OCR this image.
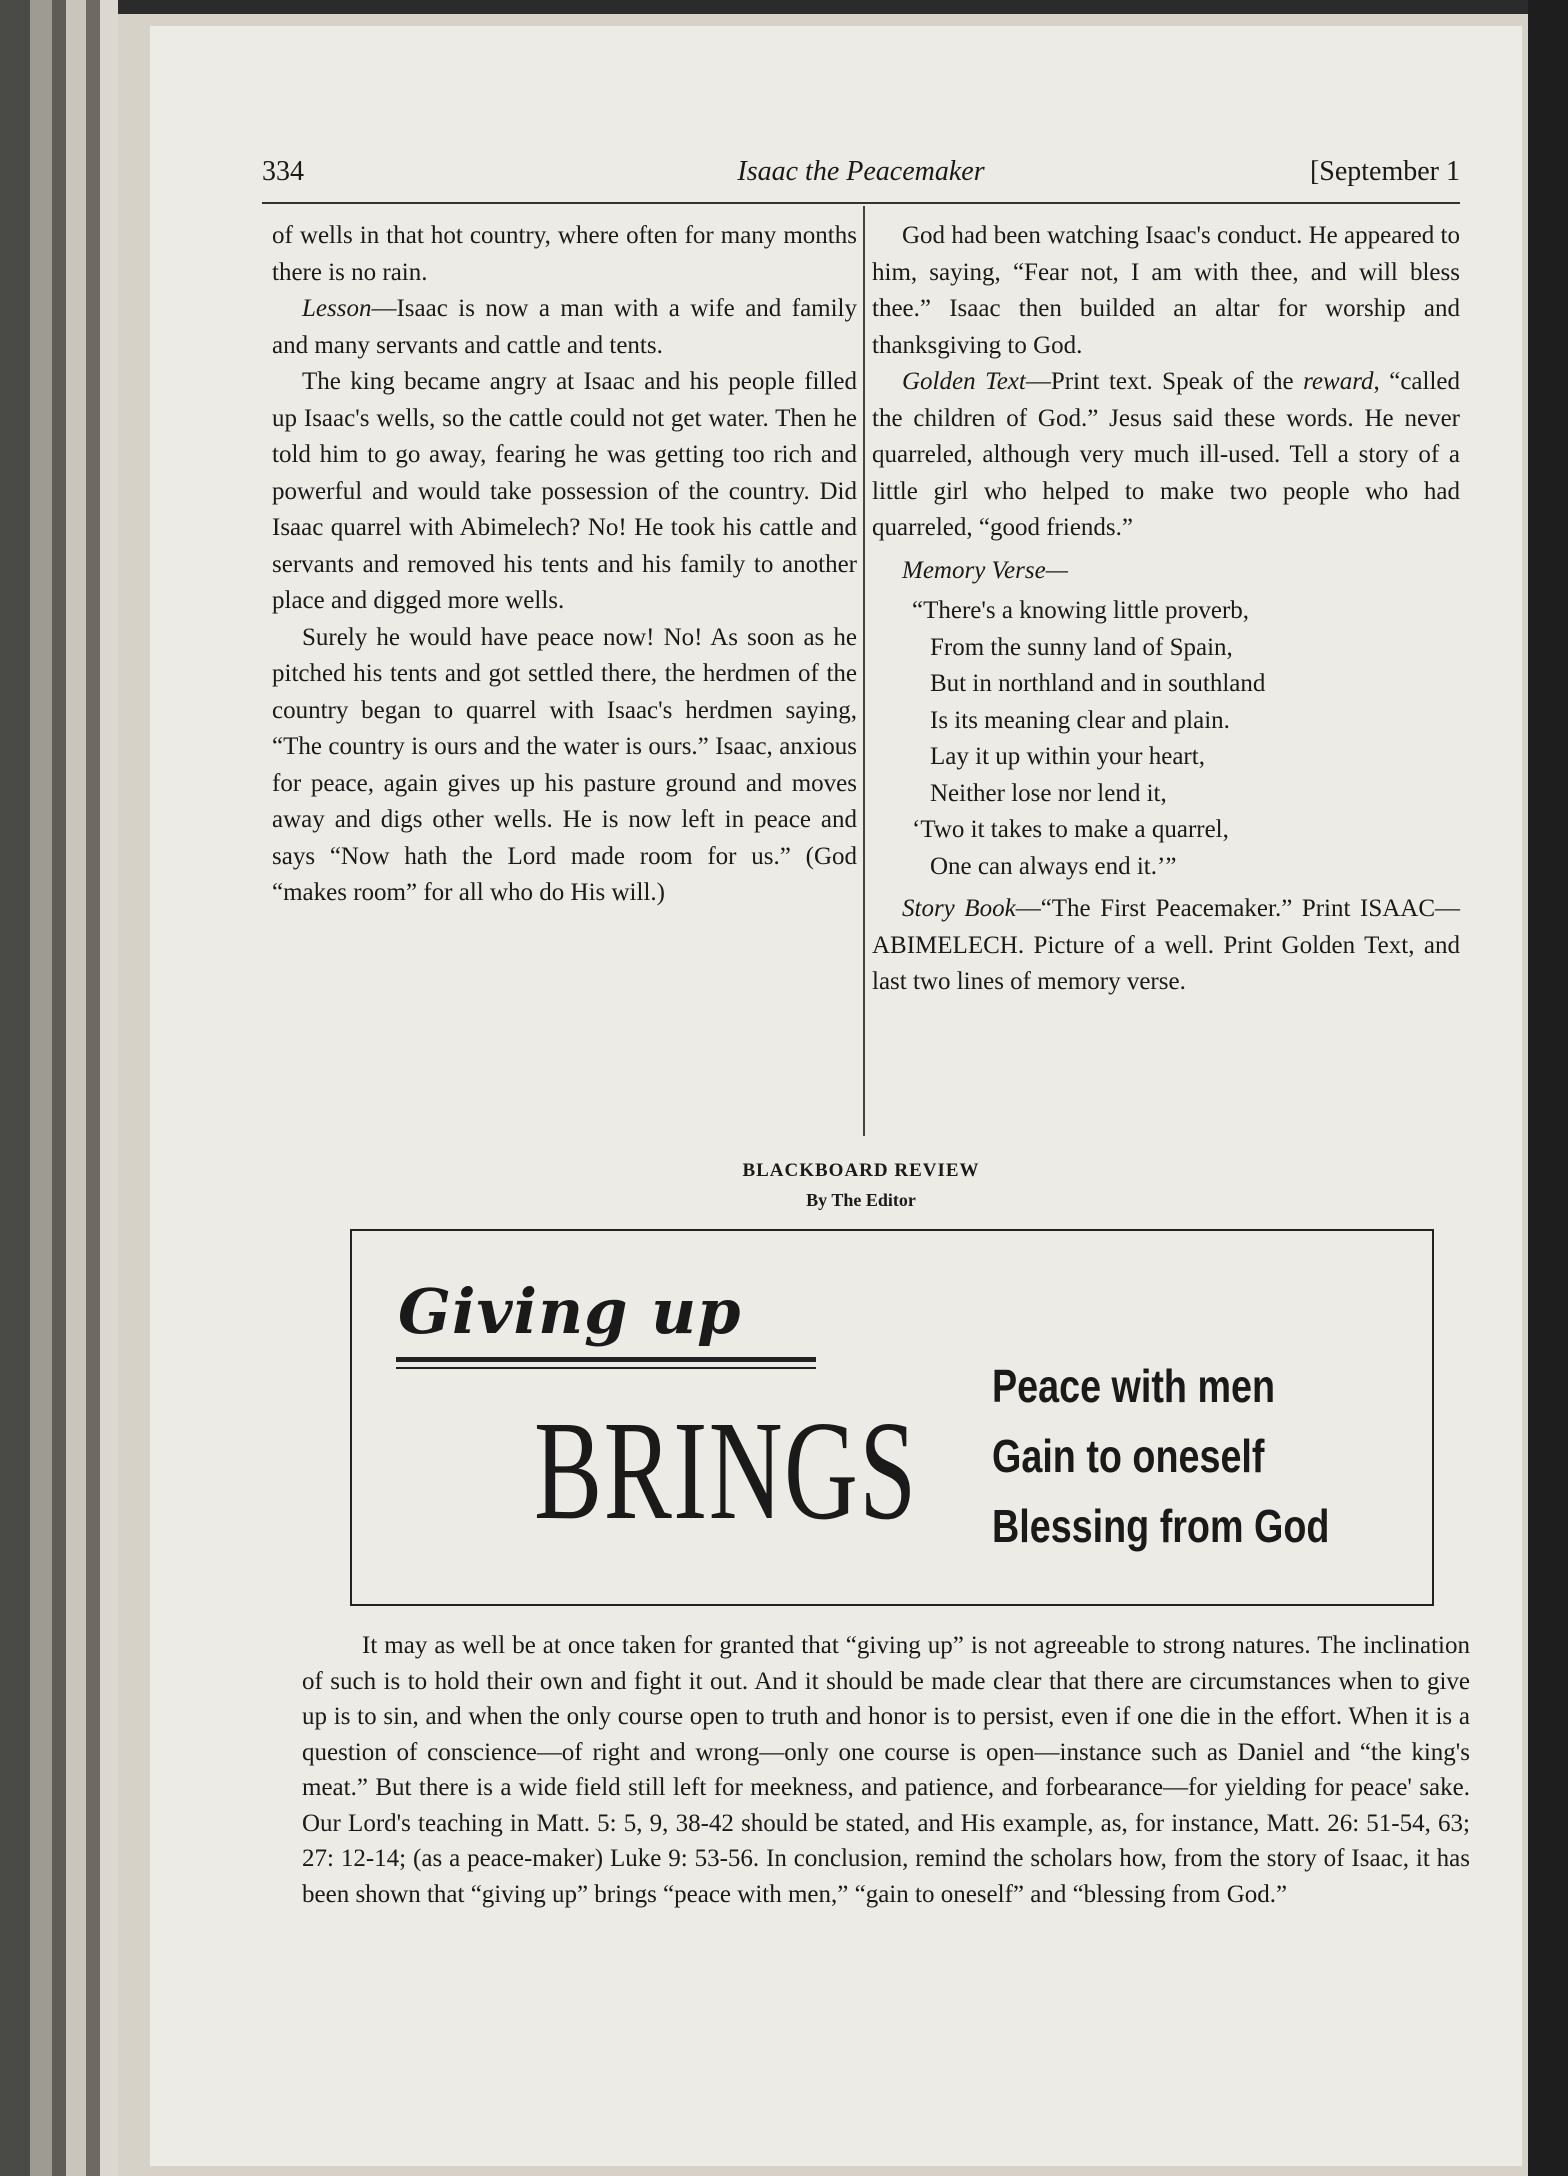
334	Isaac the Peacemaker	[September 1

of wells in that hot country, where often for many months there is no rain.

Lesson—Isaac is now a man with a wife and family and many servants and cattle and tents.

The king became angry at Isaac and his people filled up Isaac's wells, so the cattle could not get water. Then he told him to go away, fearing he was getting too rich and powerful and would take possession of the country. Did Isaac quarrel with Abimelech? No! He took his cattle and servants and removed his tents and his family to another place and digged more wells.

Surely he would have peace now! No! As soon as he pitched his tents and got settled there, the herdmen of the country began to quarrel with Isaac's herdmen saying, “The country is ours and the water is ours.” Isaac, anxious for peace, again gives up his pasture ground and moves away and digs other wells. He is now left in peace and says “Now hath the Lord made room for us.” (God “makes room” for all who do His will.)

God had been watching Isaac's conduct. He appeared to him, saying, “Fear not, I am with thee, and will bless thee.” Isaac then builded an altar for worship and thanksgiving to God.

Golden Text—Print text. Speak of the reward, “called the children of God.” Jesus said these words. He never quarreled, although very much ill-used. Tell a story of a little girl who helped to make two people who had quarreled, “good friends.”

Memory Verse—

“There's a knowing little proverb,
From the sunny land of Spain,
But in northland and in southland
Is its meaning clear and plain.
Lay it up within your heart,
Neither lose nor lend it,
‘Two it takes to make a quarrel,
One can always end it.’”

Story Book—“The First Peacemaker.” Print ISAAC—ABIMELECH. Picture of a well. Print Golden Text, and last two lines of memory verse.

BLACKBOARD REVIEW
By The Editor
Giving up
BRINGS
Peace with men
Gain to oneself
Blessing from God

It may as well be at once taken for granted that “giving up” is not agreeable to strong natures. The inclination of such is to hold their own and fight it out. And it should be made clear that there are circumstances when to give up is to sin, and when the only course open to truth and honor is to persist, even if one die in the effort. When it is a question of conscience—of right and wrong—only one course is open—instance such as Daniel and “the king's meat.” But there is a wide field still left for meekness, and patience, and forbearance—for yielding for peace' sake. Our Lord's teaching in Matt. 5: 5, 9, 38-42 should be stated, and His example, as, for instance, Matt. 26: 51-54, 63; 27: 12-14; (as a peace-maker) Luke 9: 53-56. In conclusion, remind the scholars how, from the story of Isaac, it has been shown that “giving up” brings “peace with men,” “gain to oneself” and “blessing from God.”
